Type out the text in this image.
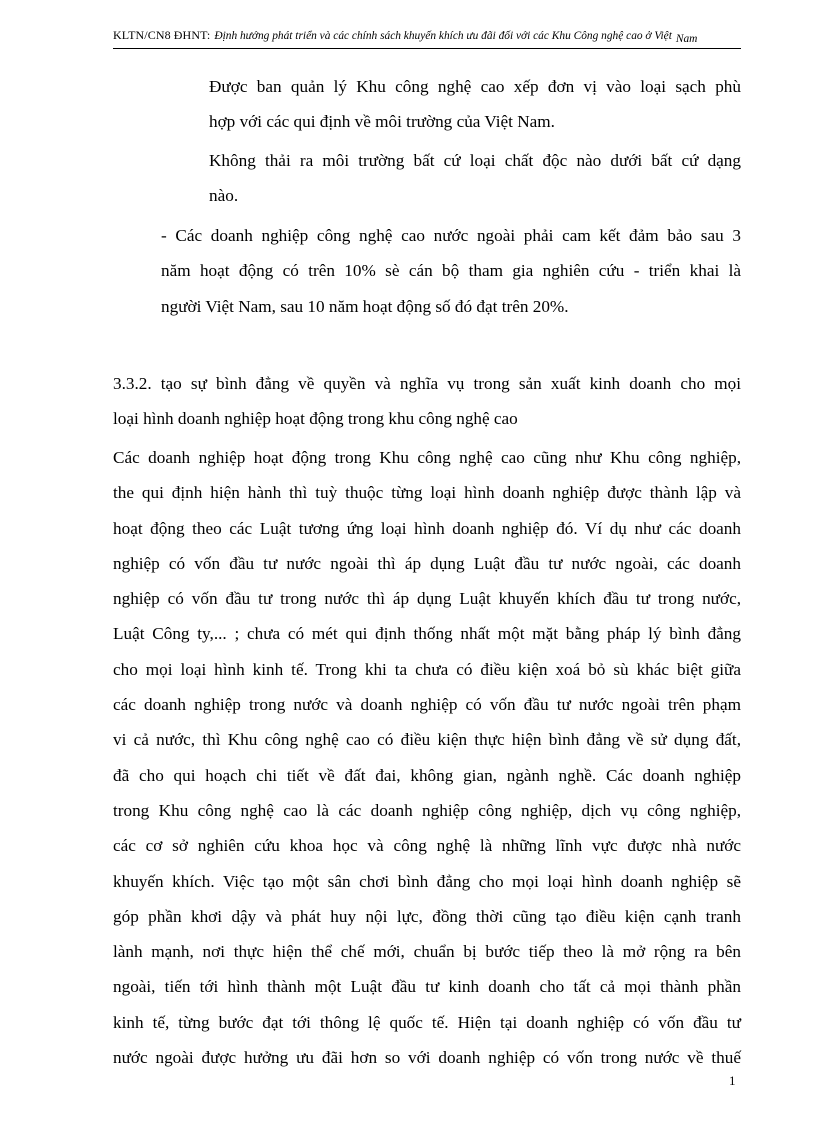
KLTN/CN8 ĐHNT: Định hướng phát triển và các chính sách khuyến khích ưu đãi đối với các Khu Công nghệ cao ở Việt Nam
Được ban quản lý Khu công nghệ cao xếp đơn vị vào loại sạch phù
hợp với các qui định về môi trường của Việt Nam.
Không thải ra môi trường bất cứ loại chất độc nào dưới bất cứ dạng
nào.
- Các doanh nghiệp công nghệ cao nước ngoài phải cam kết đảm bảo sau 3
năm hoạt động có trên 10% sè cán bộ tham gia nghiên cứu - triển khai là
người Việt Nam, sau 10 năm hoạt động số đó đạt trên 20%.
3.3.2. tạo sự bình đẳng về quyền và nghĩa vụ trong sản xuất kinh doanh cho mọi
loại hình doanh nghiệp hoạt động trong khu công nghệ cao
Các doanh nghiệp hoạt động trong Khu công nghệ cao cũng như Khu công nghiệp,
the qui định hiện hành thì tuỳ thuộc từng loại hình doanh nghiệp được thành lập và
hoạt động theo các Luật tương ứng loại hình doanh nghiệp đó. Ví dụ như các doanh
nghiệp có vốn đầu tư nước ngoài thì áp dụng Luật đầu tư nước ngoài, các doanh
nghiệp có vốn đầu tư trong nước thì áp dụng Luật khuyến khích đầu tư trong nước,
Luật Công ty,... ; chưa có mét qui định thống nhất một mặt bằng pháp lý bình đẳng
cho mọi loại hình kinh tế. Trong khi ta chưa có điều kiện xoá bỏ sù khác biệt giữa
các doanh nghiệp trong nước và doanh nghiệp có vốn đầu tư nước ngoài trên phạm
vi cả nước, thì Khu công nghệ cao có điều kiện thực hiện bình đẳng về sử dụng đất,
đã cho qui hoạch chi tiết về đất đai, không gian, ngành nghề. Các doanh nghiệp
trong Khu công nghệ cao là các doanh nghiệp công nghiệp, dịch vụ công nghiệp,
các cơ sở nghiên cứu khoa học và công nghệ là những lĩnh vực được nhà nước
khuyến khích. Việc tạo một sân chơi bình đẳng cho mọi loại hình doanh nghiệp sẽ
góp phần khơi dậy và phát huy nội lực, đồng thời cũng tạo điều kiện cạnh tranh
lành mạnh, nơi thực hiện thể chế mới, chuẩn bị bước tiếp theo là mở rộng ra bên
ngoài, tiến tới hình thành một Luật đầu tư kinh doanh cho tất cả mọi thành phần
kinh tế, từng bước đạt tới thông lệ quốc tế. Hiện tại doanh nghiệp có vốn đầu tư
nước ngoài được hưởng ưu đãi hơn so với doanh nghiệp có vốn trong nước về thuế
1
